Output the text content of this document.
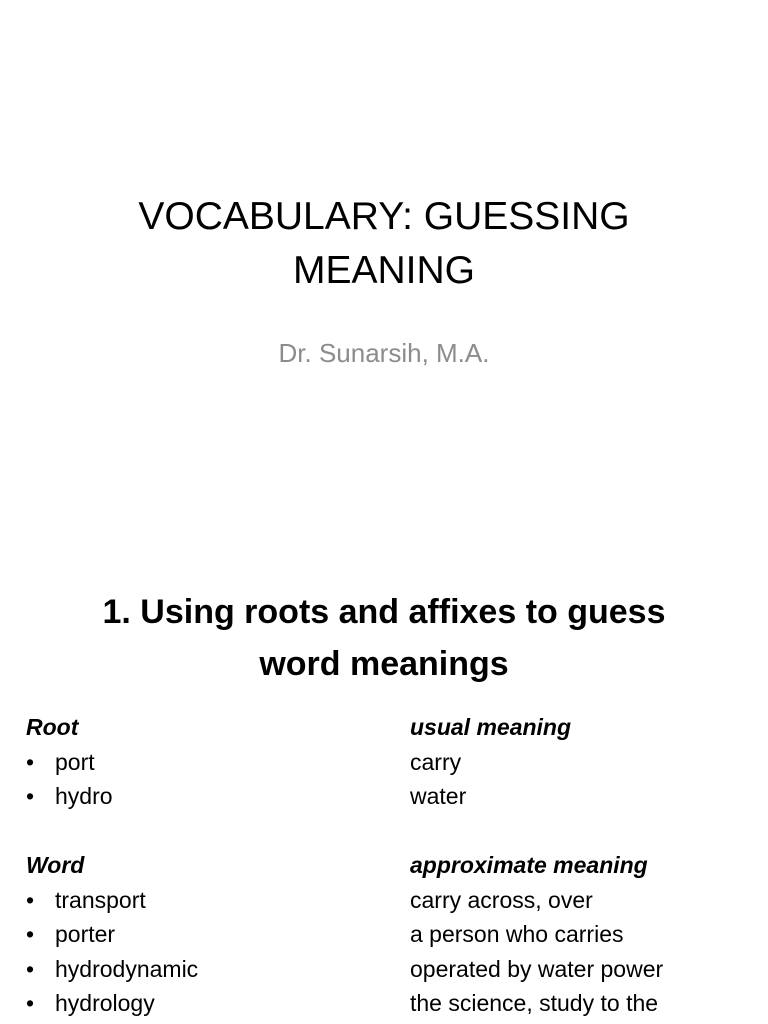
VOCABULARY: GUESSING
MEANING

Dr. Sunarsih, M.A.

1. Using roots and affixes to guess
word meanings
Root
• port
• hydro
Word
• transport
• porter
• hydrodynamic
• hydrology
usual meaning
carry
water
approximate meaning
carry across, over
a person who carries
operated by water power
the science, study to the
